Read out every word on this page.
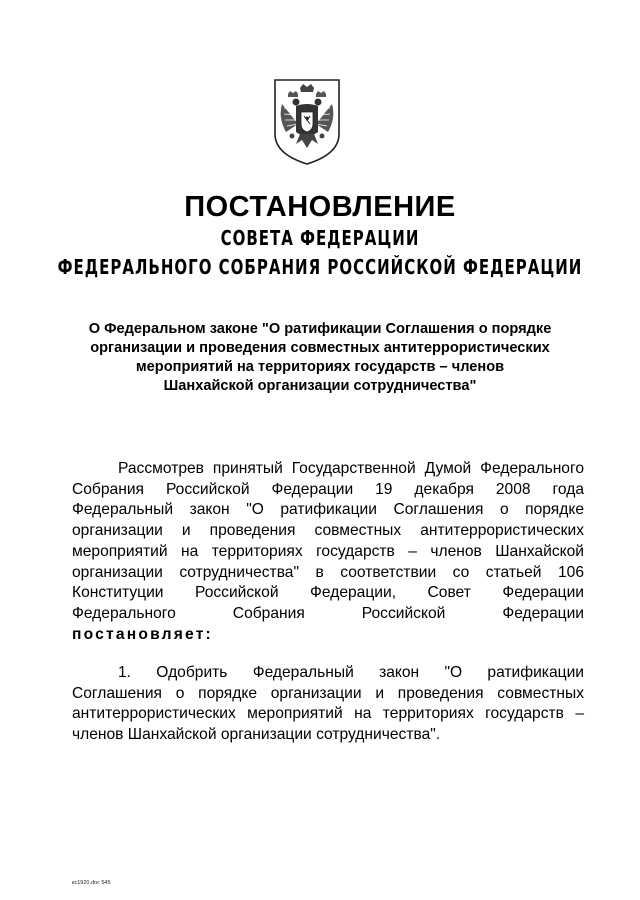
ПОСТАНОВЛЕНИЕ
СОВЕТА ФЕДЕРАЦИИ
ФЕДЕРАЛЬНОГО СОБРАНИЯ РОССИЙСКОЙ ФЕДЕРАЦИИ
О Федеральном законе "О ратификации Соглашения о порядке
организации и проведения совместных антитеррористических
мероприятий на территориях государств – членов
Шанхайской организации сотрудничества"
Рассмотрев принятый Государственной Думой Федерального
Собрания Российской Федерации 19 декабря 2008 года
Федеральный закон "О ратификации Соглашения о порядке
организации и проведения совместных антитеррористических
мероприятий на территориях государств – членов Шанхайской
организации сотрудничества" в соответствии со статьей 106
Конституции Российской Федерации, Совет Федерации
Федерального Собрания Российской Федерации
постановляет:
1. Одобрить Федеральный закон "О ратификации
Соглашения о порядке организации и проведения совместных
антитеррористических мероприятий на территориях государств –
членов Шанхайской организации сотрудничества".
кс1920.doc 545
